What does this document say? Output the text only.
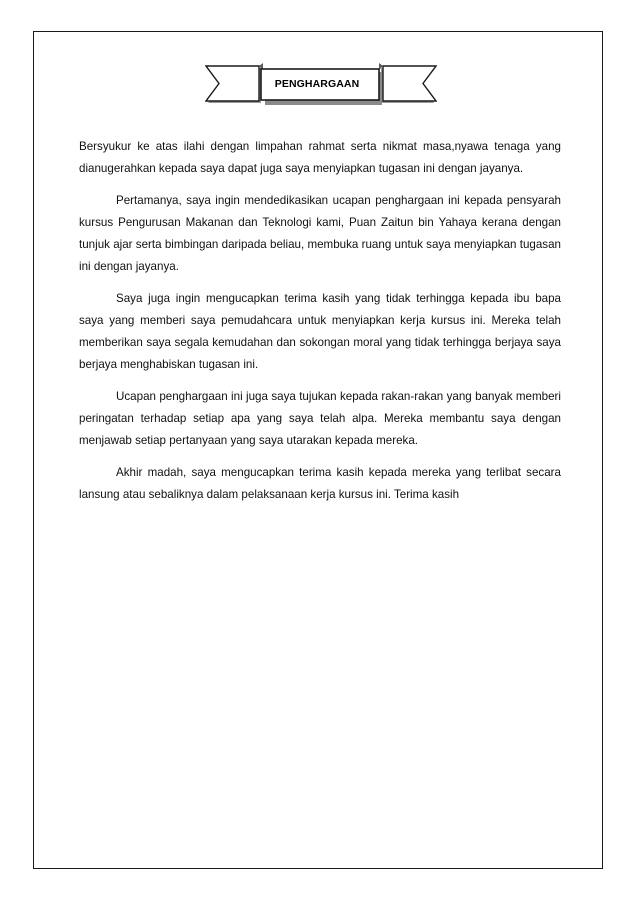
PENGHARGAAN

Bersyukur ke atas ilahi dengan limpahan rahmat serta nikmat masa,nyawa tenaga yang dianugerahkan kepada saya dapat juga saya menyiapkan tugasan ini dengan jayanya.

Pertamanya, saya ingin mendedikasikan ucapan penghargaan ini kepada pensyarah kursus Pengurusan Makanan dan Teknologi kami, Puan Zaitun bin Yahaya kerana dengan tunjuk ajar serta bimbingan daripada beliau, membuka ruang untuk saya menyiapkan tugasan ini dengan jayanya.

Saya juga ingin mengucapkan terima kasih yang tidak terhingga kepada ibu bapa saya yang memberi saya pemudahcara untuk menyiapkan kerja kursus ini. Mereka telah memberikan saya segala kemudahan dan sokongan moral yang tidak terhingga berjaya saya berjaya menghabiskan tugasan ini.

Ucapan penghargaan ini juga saya tujukan kepada rakan-rakan yang banyak memberi peringatan terhadap setiap apa yang saya telah alpa. Mereka membantu saya dengan menjawab setiap pertanyaan yang saya utarakan kepada mereka.

Akhir madah, saya mengucapkan terima kasih kepada mereka yang terlibat secara lansung atau sebaliknya dalam pelaksanaan kerja kursus ini. Terima kasih
